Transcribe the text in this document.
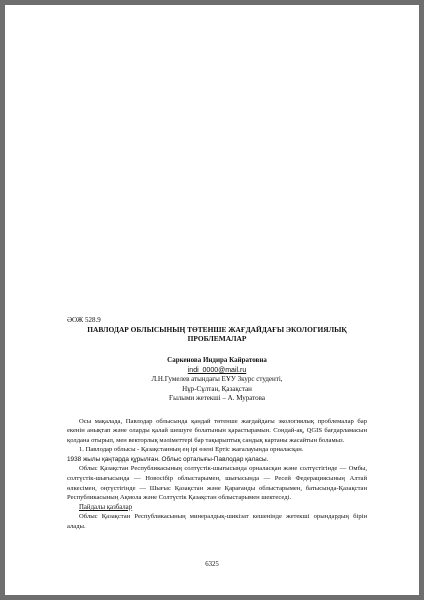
ӘОЖ 528.9
ПАВЛОДАР ОБЛЫСЫНЫҢ ТӨТЕНШЕ ЖАҒДАЙДАҒЫ ЭКОЛОГИЯЛЫҚ
ПРОБЛЕМАЛАР
Саркенова Индира Кайратовна
indi_0000@mail.ru
Л.Н.Гумелев атындағы ЕҰУ 3курс студенті,
Нұр-Сұлтан, Қазақстан
Ғылыми жетекші – А. Муратова
Осы мақалада, Павлодар облысында қандай төтенше жағдайдағы экологиялық проблемалар бар екенін анықтап және оларды қалай шешуге болатынын қарастырамын. Сондай-ақ, QGIS бағдарламасын қолдана отырып, мен векторлық мәліметтері бар тақырыптық сандық картаны жасайтын боламыз.
1. Павлодар облысы - Қазақстанның ең ірі өзені Ертіс жағалауында орналасқан.
1938 жылы қаңтарда құрылған. Облыс орталығы-Павлодар қаласы.
Облыс Қазақстан Республикасының солтүстік-шығысында орналасқан және солтүстігінде — Омбы, солтүстік-шығысында — Новосібір облыстарымен, шығысында — Ресей Федерациясының Алтай өлкесімен, оңтүстігінде — Шығыс Қазақстан және Қарағанды облыстарымен, батысында-Қазақстан Республикасының Ақмола және Солтүстік Қазақстан облыстарымен шектеседі.
Пайдалы қазбалар
Облыс Қазақстан Республикасының минералдық-шикізат кешенінде жетекші орындардың бірін алады.
6325
